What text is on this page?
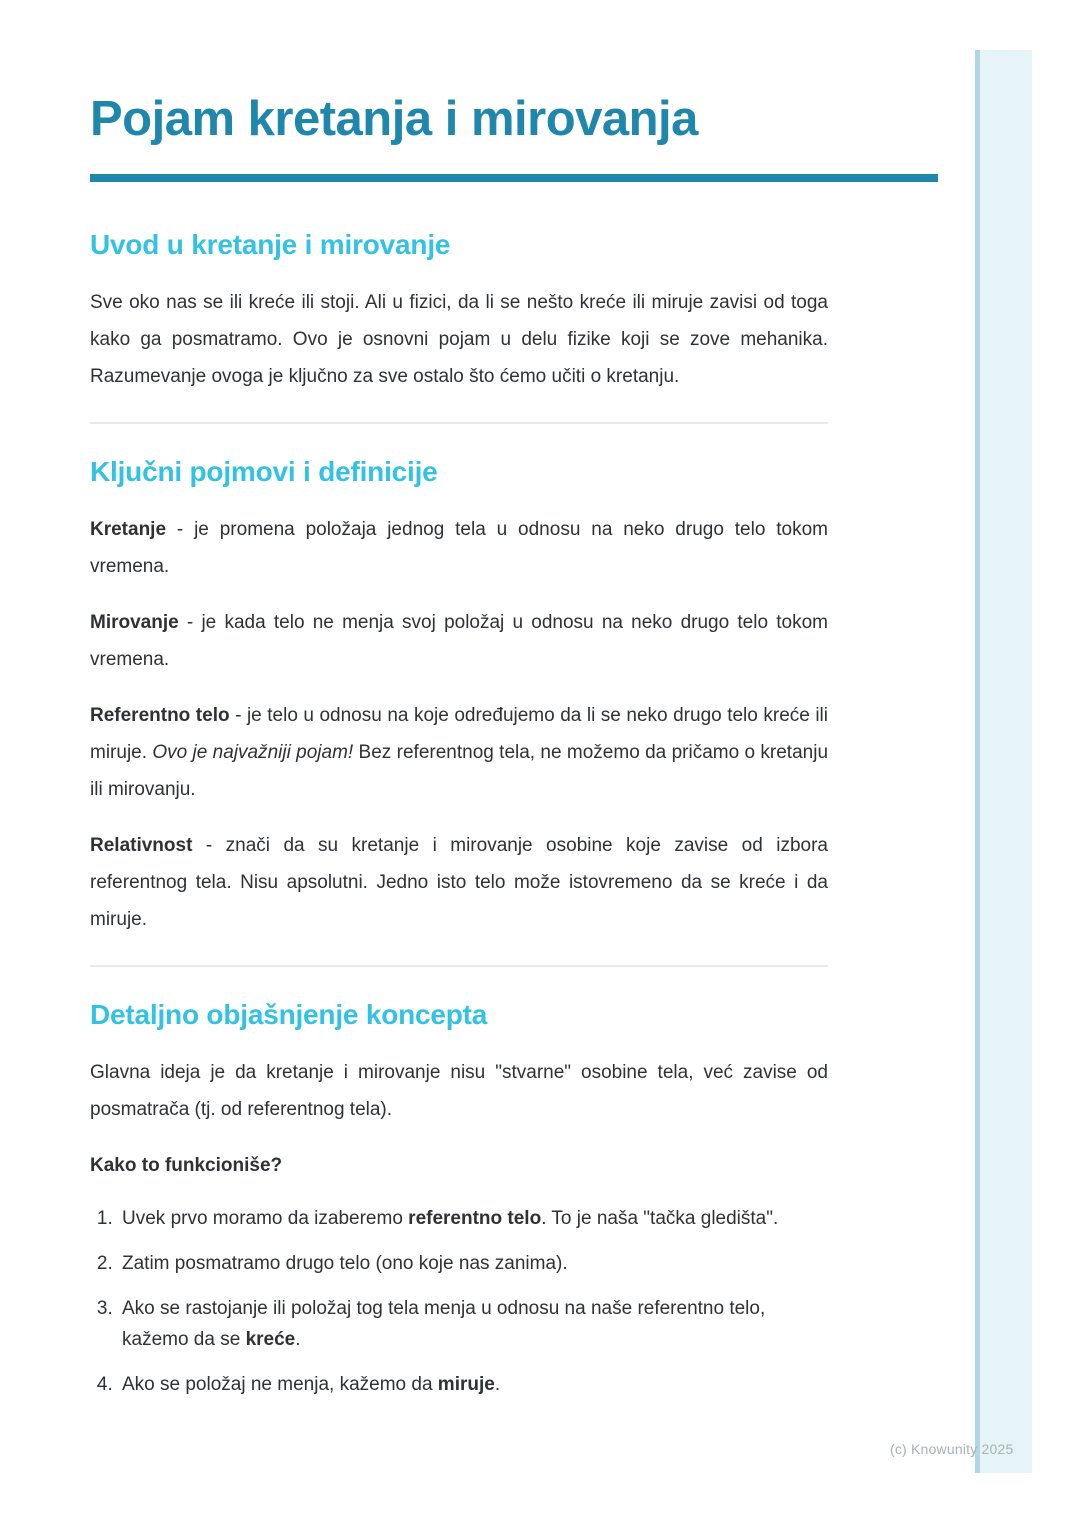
Pojam kretanja i mirovanja
Uvod u kretanje i mirovanje

Sve oko nas se ili kreće ili stoji. Ali u fizici, da li se nešto kreće ili miruje zavisi od toga kako ga posmatramo. Ovo je osnovni pojam u delu fizike koji se zove mehanika. Razumevanje ovoga je ključno za sve ostalo što ćemo učiti o kretanju.

Ključni pojmovi i definicije

Kretanje - je promena položaja jednog tela u odnosu na neko drugo telo tokom vremena.

Mirovanje - je kada telo ne menja svoj položaj u odnosu na neko drugo telo tokom vremena.

Referentno telo - je telo u odnosu na koje određujemo da li se neko drugo telo kreće ili miruje. Ovo je najvažniji pojam! Bez referentnog tela, ne možemo da pričamo o kretanju ili mirovanju.

Relativnost - znači da su kretanje i mirovanje osobine koje zavise od izbora referentnog tela. Nisu apsolutni. Jedno isto telo može istovremeno da se kreće i da miruje.

Detaljno objašnjenje koncepta

Glavna ideja je da kretanje i mirovanje nisu "stvarne" osobine tela, već zavise od posmatrača (tj. od referentnog tela).

Kako to funkcioniše?

1. Uvek prvo moramo da izaberemo referentno telo. To je naša "tačka gledišta".
2. Zatim posmatramo drugo telo (ono koje nas zanima).
3. Ako se rastojanje ili položaj tog tela menja u odnosu na naše referentno telo, kažemo da se kreće.
4. Ako se položaj ne menja, kažemo da miruje.
(c) Knowunity 2025
